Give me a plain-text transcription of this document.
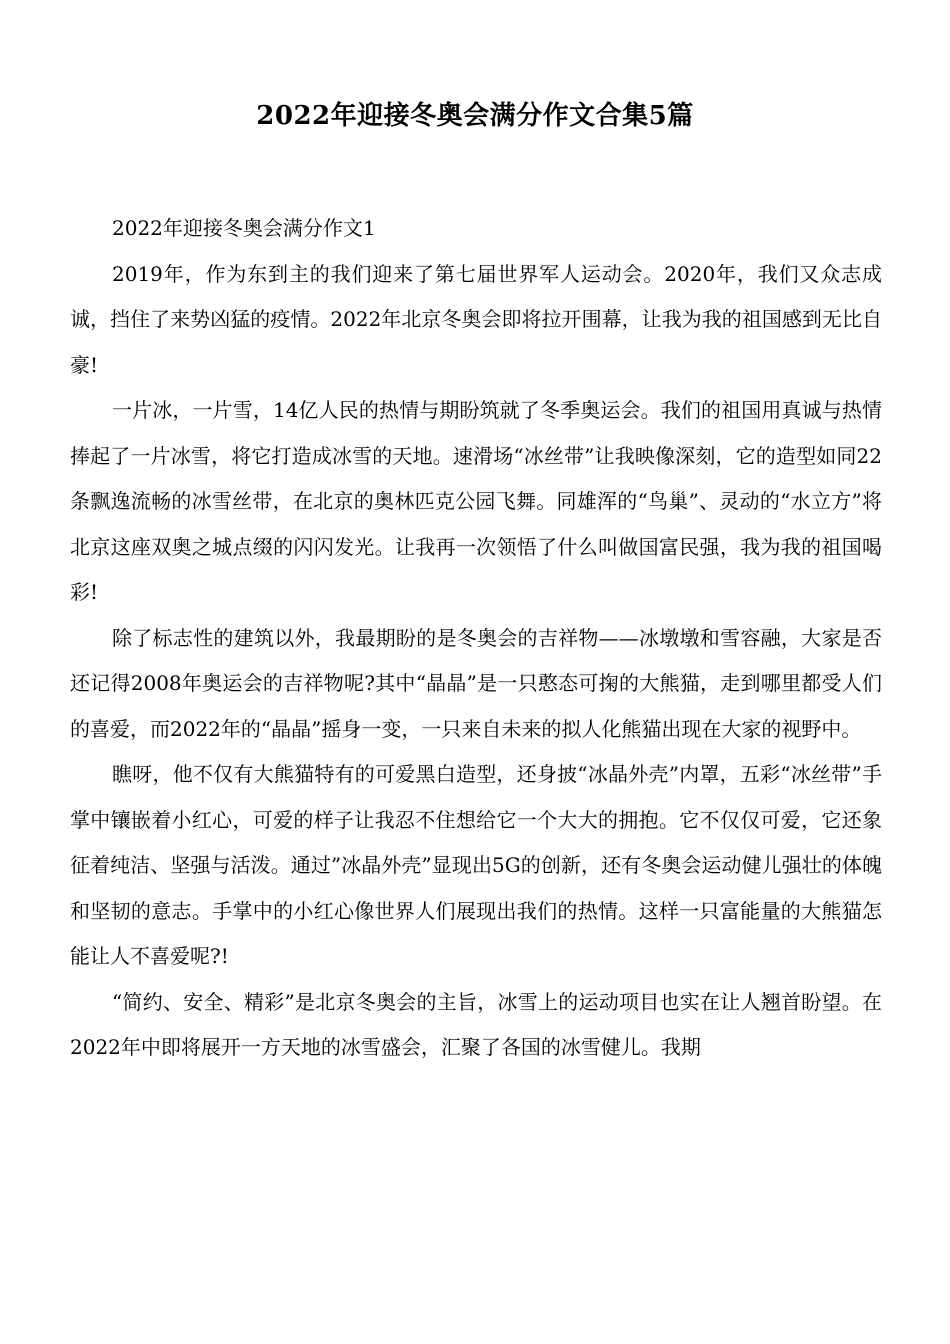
2022年迎接冬奥会满分作文合集5篇

2022年迎接冬奥会满分作文1

2019年，作为东到主的我们迎来了第七届世界军人运动会。2020年，我们又众志成诚，挡住了来势凶猛的疫情。2022年北京冬奥会即将拉开围幕，让我为我的祖国感到无比自豪!

一片冰，一片雪，14亿人民的热情与期盼筑就了冬季奥运会。我们的祖国用真诚与热情捧起了一片冰雪，将它打造成冰雪的天地。速滑场“冰丝带”让我映像深刻，它的造型如同22条飘逸流畅的冰雪丝带，在北京的奥林匹克公园飞舞。同雄浑的“鸟巢”、灵动的“水立方”将北京这座双奥之城点缀的闪闪发光。让我再一次领悟了什么叫做国富民强，我为我的祖国喝彩!

除了标志性的建筑以外，我最期盼的是冬奥会的吉祥物——冰墩墩和雪容融，大家是否还记得2008年奥运会的吉祥物呢?其中“晶晶”是一只憨态可掬的大熊猫，走到哪里都受人们的喜爱，而2022年的“晶晶”摇身一变，一只来自未来的拟人化熊猫出现在大家的视野中。

瞧呀，他不仅有大熊猫特有的可爱黑白造型，还身披“冰晶外壳”内罩，五彩“冰丝带”手掌中镶嵌着小红心，可爱的样子让我忍不住想给它一个大大的拥抱。它不仅仅可爱，它还象征着纯洁、坚强与活泼。通过”冰晶外壳”显现出5G的创新，还有冬奥会运动健儿强壮的体魄和坚韧的意志。手掌中的小红心像世界人们展现出我们的热情。这样一只富能量的大熊猫怎能让人不喜爱呢?!

“简约、安全、精彩”是北京冬奥会的主旨，冰雪上的运动项目也实在让人翘首盼望。在2022年中即将展开一方天地的冰雪盛会，汇聚了各国的冰雪健儿。我期
